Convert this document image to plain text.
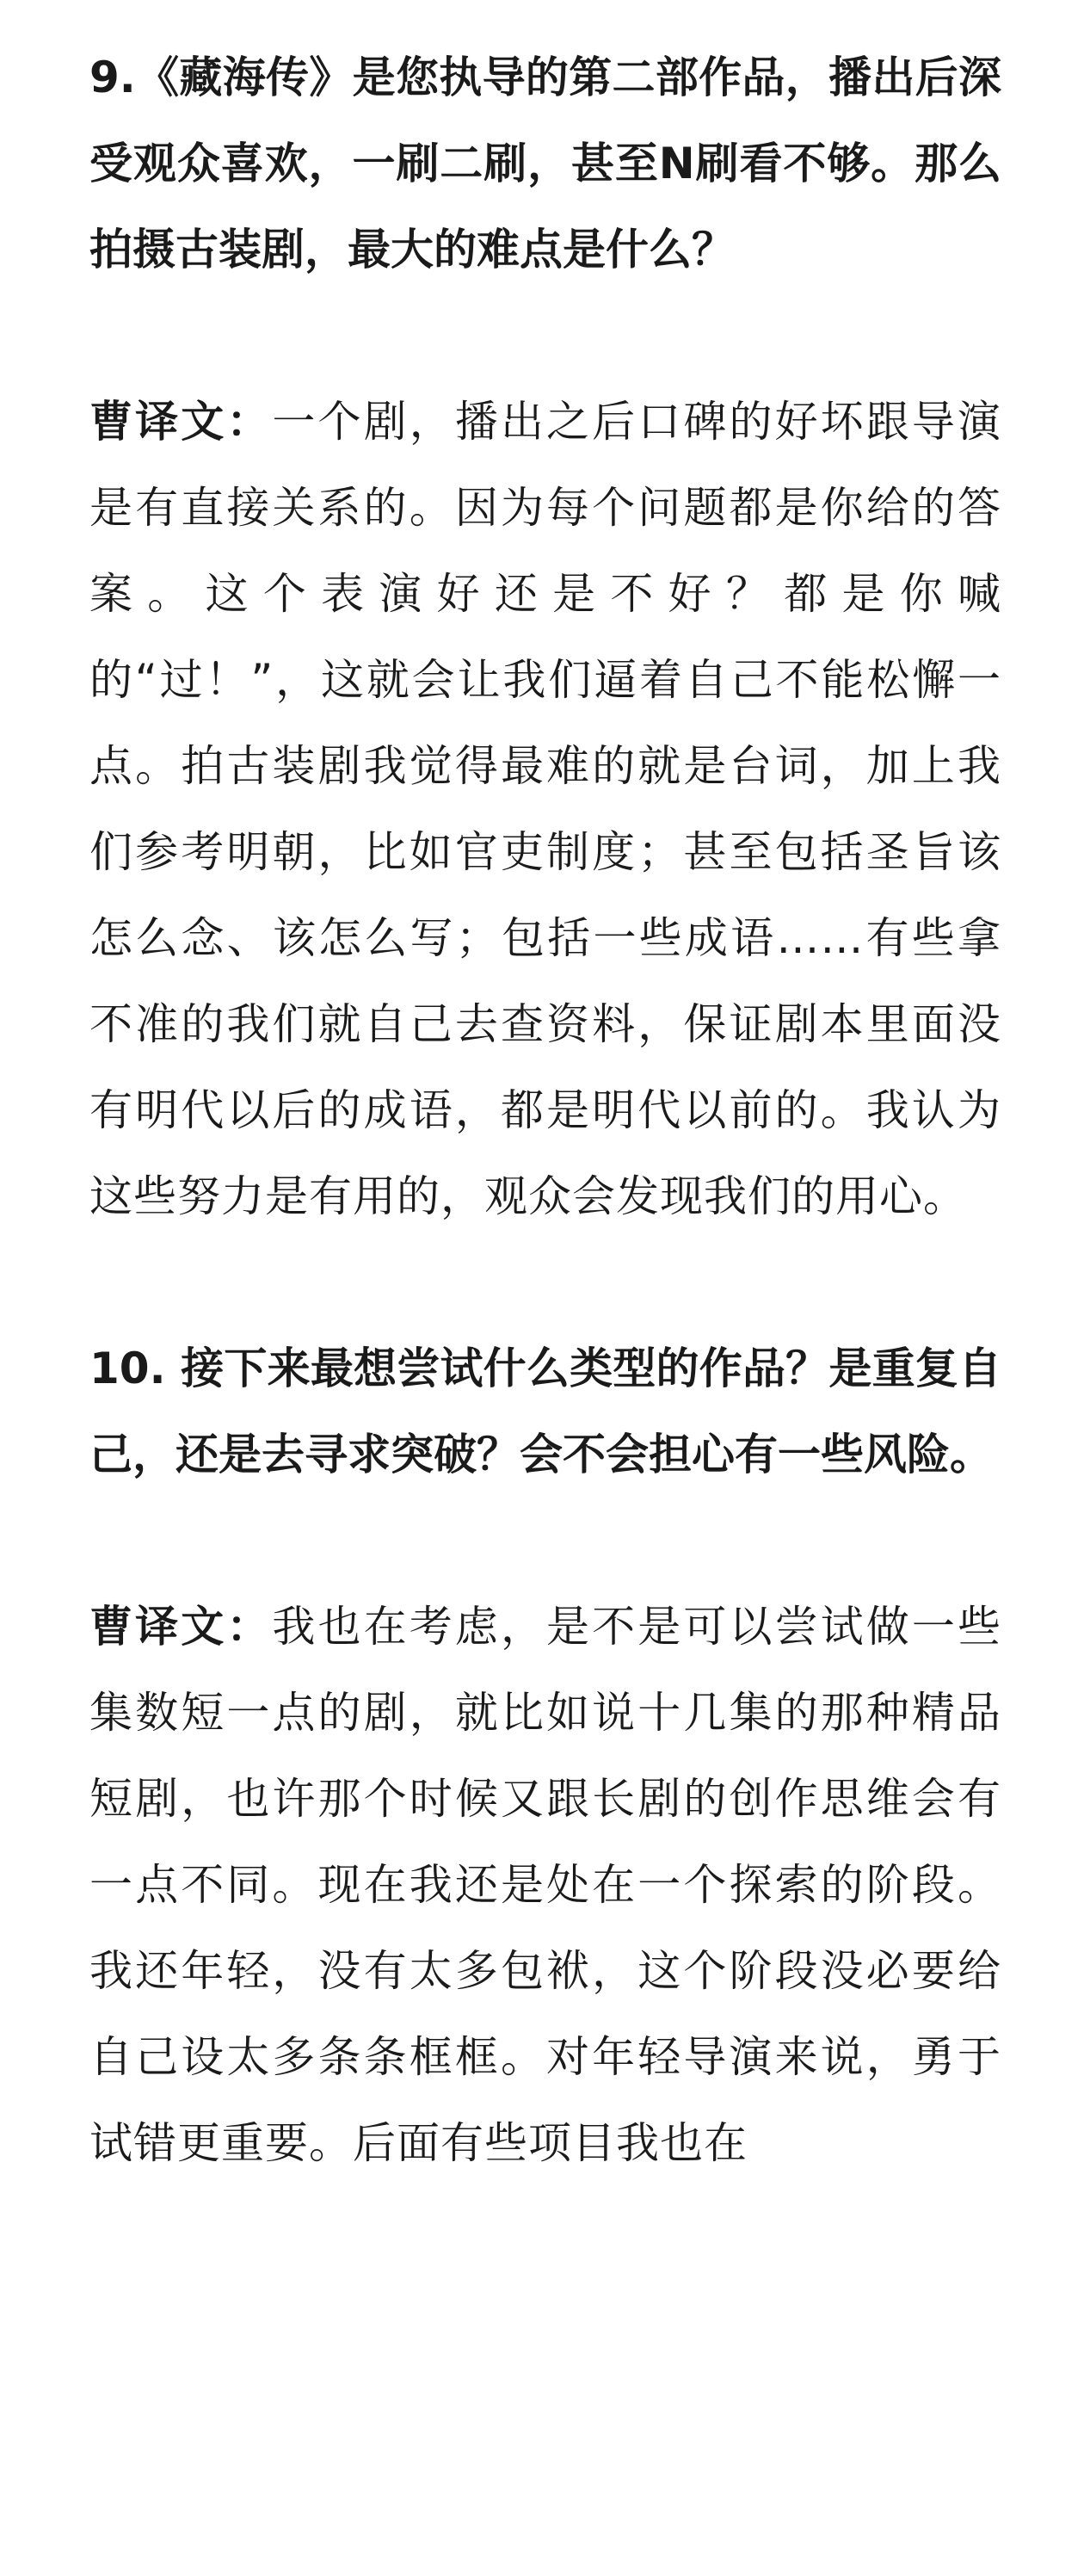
9.《藏海传》是您执导的第二部作品，播出后深受观众喜欢，一刷二刷，甚至N刷看不够。那么拍摄古装剧，最大的难点是什么？

曹译文：一个剧，播出之后口碑的好坏跟导演是有直接关系的。因为每个问题都是你给的答案。这个表演好还是不好？都是你喊的“过！”，这就会让我们逼着自己不能松懈一点。拍古装剧我觉得最难的就是台词，加上我们参考明朝，比如官吏制度；甚至包括圣旨该怎么念、该怎么写；包括一些成语……有些拿不准的我们就自己去查资料，保证剧本里面没有明代以后的成语，都是明代以前的。我认为这些努力是有用的，观众会发现我们的用心。

10. 接下来最想尝试什么类型的作品？是重复自己，还是去寻求突破？会不会担心有一些风险。

曹译文：我也在考虑，是不是可以尝试做一些集数短一点的剧，就比如说十几集的那种精品短剧，也许那个时候又跟长剧的创作思维会有一点不同。现在我还是处在一个探索的阶段。我还年轻，没有太多包袱，这个阶段没必要给自己设太多条条框框。对年轻导演来说，勇于试错更重要。后面有些项目我也在
